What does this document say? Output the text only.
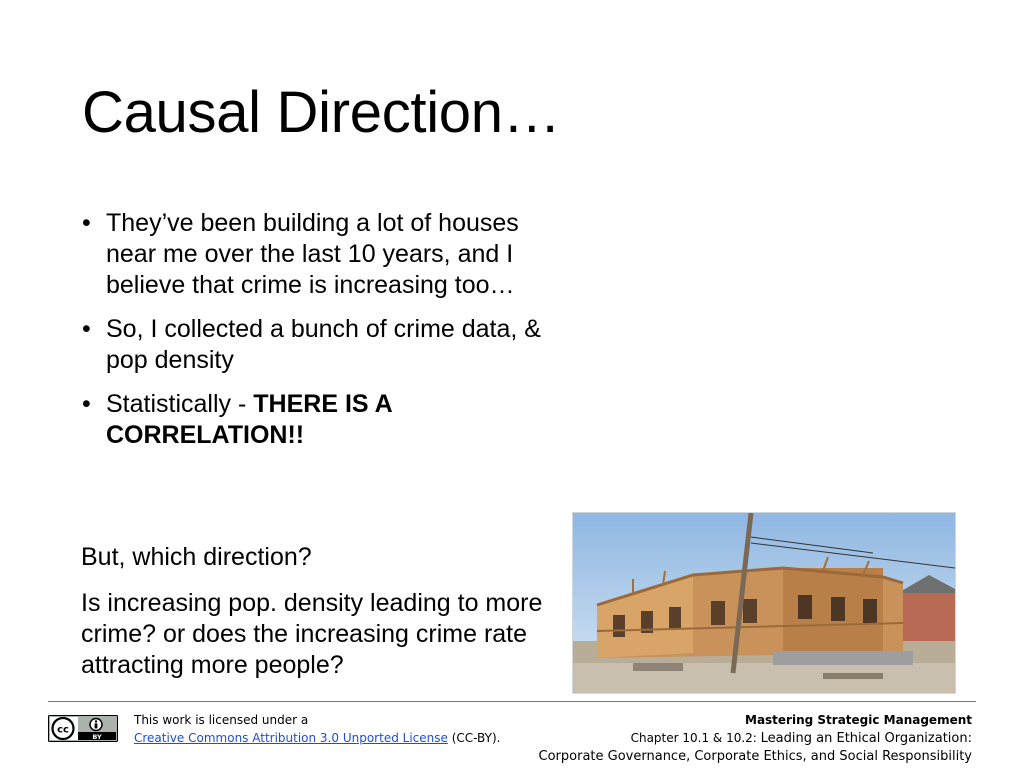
Causal Direction…
• They’ve been building a lot of houses near me over the last 10 years, and I believe that crime is increasing too…
• So, I collected a bunch of crime data, & pop density
• Statistically - THERE IS A CORRELATION!!

But, which direction?

Is increasing pop. density leading to more crime? or does the increasing crime rate attracting more people?

cc
BY
This work is licensed under a
Creative Commons Attribution 3.0 Unported License (CC-BY).
Mastering Strategic Management
Chapter 10.1 & 10.2: Leading an Ethical Organization:
Corporate Governance, Corporate Ethics, and Social Responsibility
